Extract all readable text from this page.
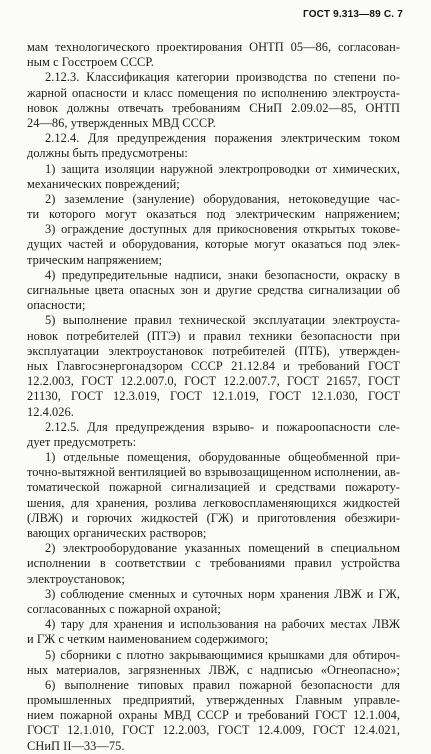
ГОСТ 9.313—89 С. 7
мам технологического проектирования ОНТП 05—86, согласован-
ным с Госстроем СССР.
2.12.3. Классификация категории производства по степени по-
жарной опасности и класс помещения по исполнению электроуста-
новок должны отвечать требованиям СНиП 2.09.02—85, ОНТП
24—86, утвержденных МВД СССР.
2.12.4. Для предупреждения поражения электрическим током
должны быть предусмотрены:
1) защита изоляции наружной электропроводки от химических,
механических повреждений;
2) заземление (зануление) оборудования, нетоковедущие час-
ти которого могут оказаться под электрическим напряжением;
3) ограждение доступных для прикосновения открытых токове-
дущих частей и оборудования, которые могут оказаться под элек-
трическим напряжением;
4) предупредительные надписи, знаки безопасности, окраску в
сигнальные цвета опасных зон и другие средства сигнализации об
опасности;
5) выполнение правил технической эксплуатации электроуста-
новок потребителей (ПТЭ) и правил техники безопасности при
эксплуатации электроустановок потребителей (ПТБ), утвержден-
ных Главгосэнергонадзором СССР 21.12.84 и требований ГОСТ
12.2.003, ГОСТ 12.2.007.0, ГОСТ 12.2.007.7, ГОСТ 21657, ГОСТ
21130, ГОСТ 12.3.019, ГОСТ 12.1.019, ГОСТ 12.1.030, ГОСТ
12.4.026.
2.12.5. Для предупреждения взрыво- и пожароопасности сле-
дует предусмотреть:
1) отдельные помещения, оборудованные общеобменной при-
точно-вытяжной вентиляцией во взрывозащищенном исполнении, ав-
томатической пожарной сигнализацией и средствами пожароту-
шения, для хранения, розлива легковоспламеняющихся жидкостей
(ЛВЖ) и горючих жидкостей (ГЖ) и приготовления обезжири-
вающих органических растворов;
2) электрооборудование указанных помещений в специальном
исполнении в соответствии с требованиями правил устройства
электроустановок;
3) соблюдение сменных и суточных норм хранения ЛВЖ и ГЖ,
согласованных с пожарной охраной;
4) тару для хранения и использования на рабочих местах ЛВЖ
и ГЖ с четким наименованием содержимого;
5) сборники с плотно закрывающимися крышками для обтироч-
ных материалов, загрязненных ЛВЖ, с надписью «Огнеопасно»;
6) выполнение типовых правил пожарной безопасности для
промышленных предприятий, утвержденных Главным управле-
нием пожарной охраны МВД СССР и требований ГОСТ 12.1.004,
ГОСТ 12.1.010, ГОСТ 12.2.003, ГОСТ 12.4.009, ГОСТ 12.4.021,
СНиП II—33—75.
